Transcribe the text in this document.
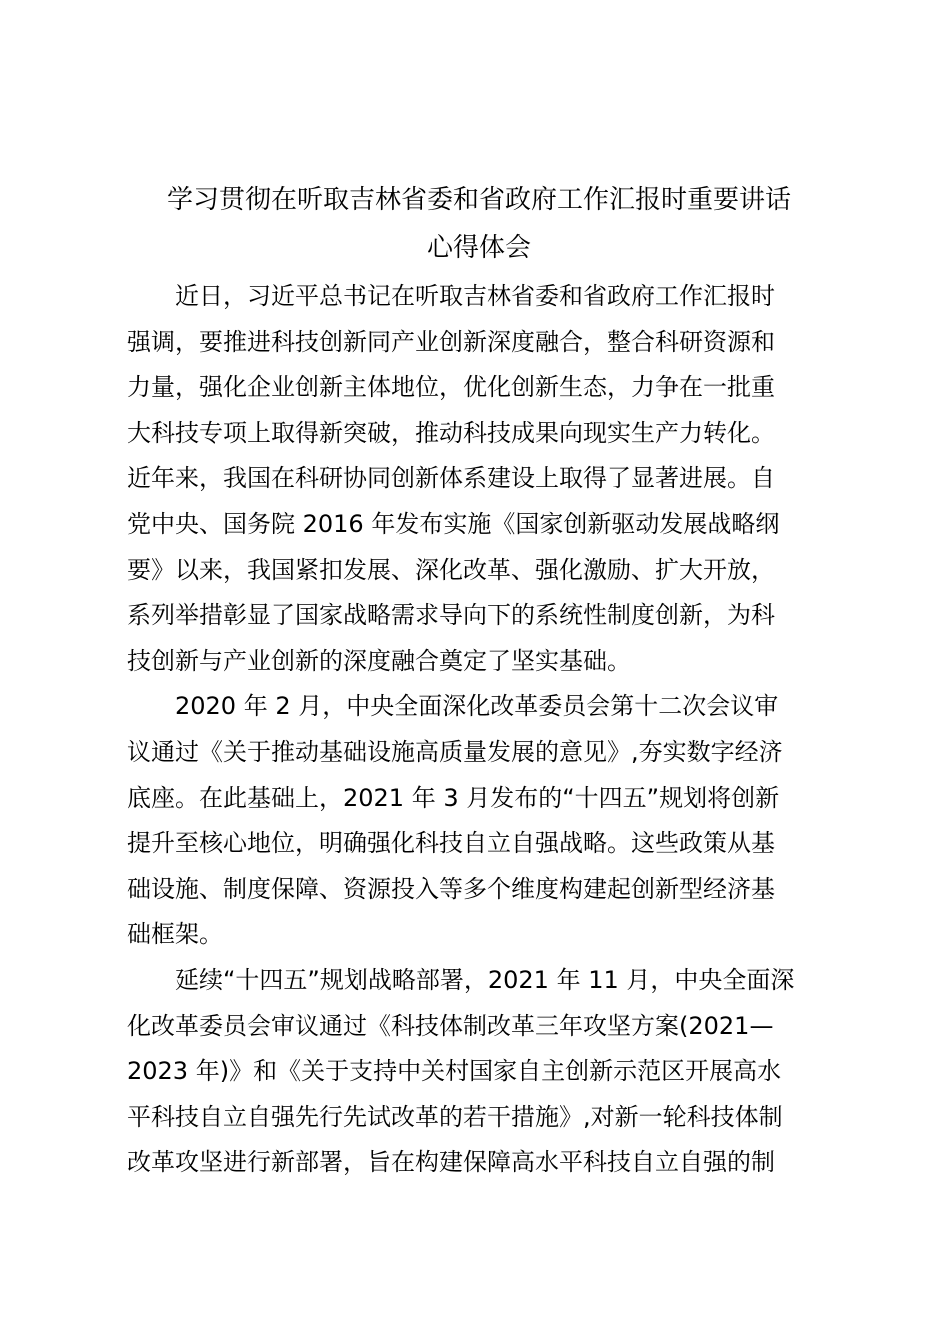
学习贯彻在听取吉林省委和省政府工作汇报时重要讲话
心得体会
近日，习近平总书记在听取吉林省委和省政府工作汇报时
强调，要推进科技创新同产业创新深度融合，整合科研资源和
力量，强化企业创新主体地位，优化创新生态，力争在一批重
大科技专项上取得新突破，推动科技成果向现实生产力转化。
近年来，我国在科研协同创新体系建设上取得了显著进展。自
党中央、国务院 2016 年发布实施《国家创新驱动发展战略纲
要》以来，我国紧扣发展、深化改革、强化激励、扩大开放，
系列举措彰显了国家战略需求导向下的系统性制度创新，为科
技创新与产业创新的深度融合奠定了坚实基础。
2020 年 2 月，中央全面深化改革委员会第十二次会议审
议通过《关于推动基础设施高质量发展的意见》,夯实数字经济
底座。在此基础上，2021 年 3 月发布的“十四五”规划将创新
提升至核心地位，明确强化科技自立自强战略。这些政策从基
础设施、制度保障、资源投入等多个维度构建起创新型经济基
础框架。
延续“十四五”规划战略部署，2021 年 11 月，中央全面深
化改革委员会审议通过《科技体制改革三年攻坚方案(2021—
2023 年)》和《关于支持中关村国家自主创新示范区开展高水
平科技自立自强先行先试改革的若干措施》,对新一轮科技体制
改革攻坚进行新部署，旨在构建保障高水平科技自立自强的制
